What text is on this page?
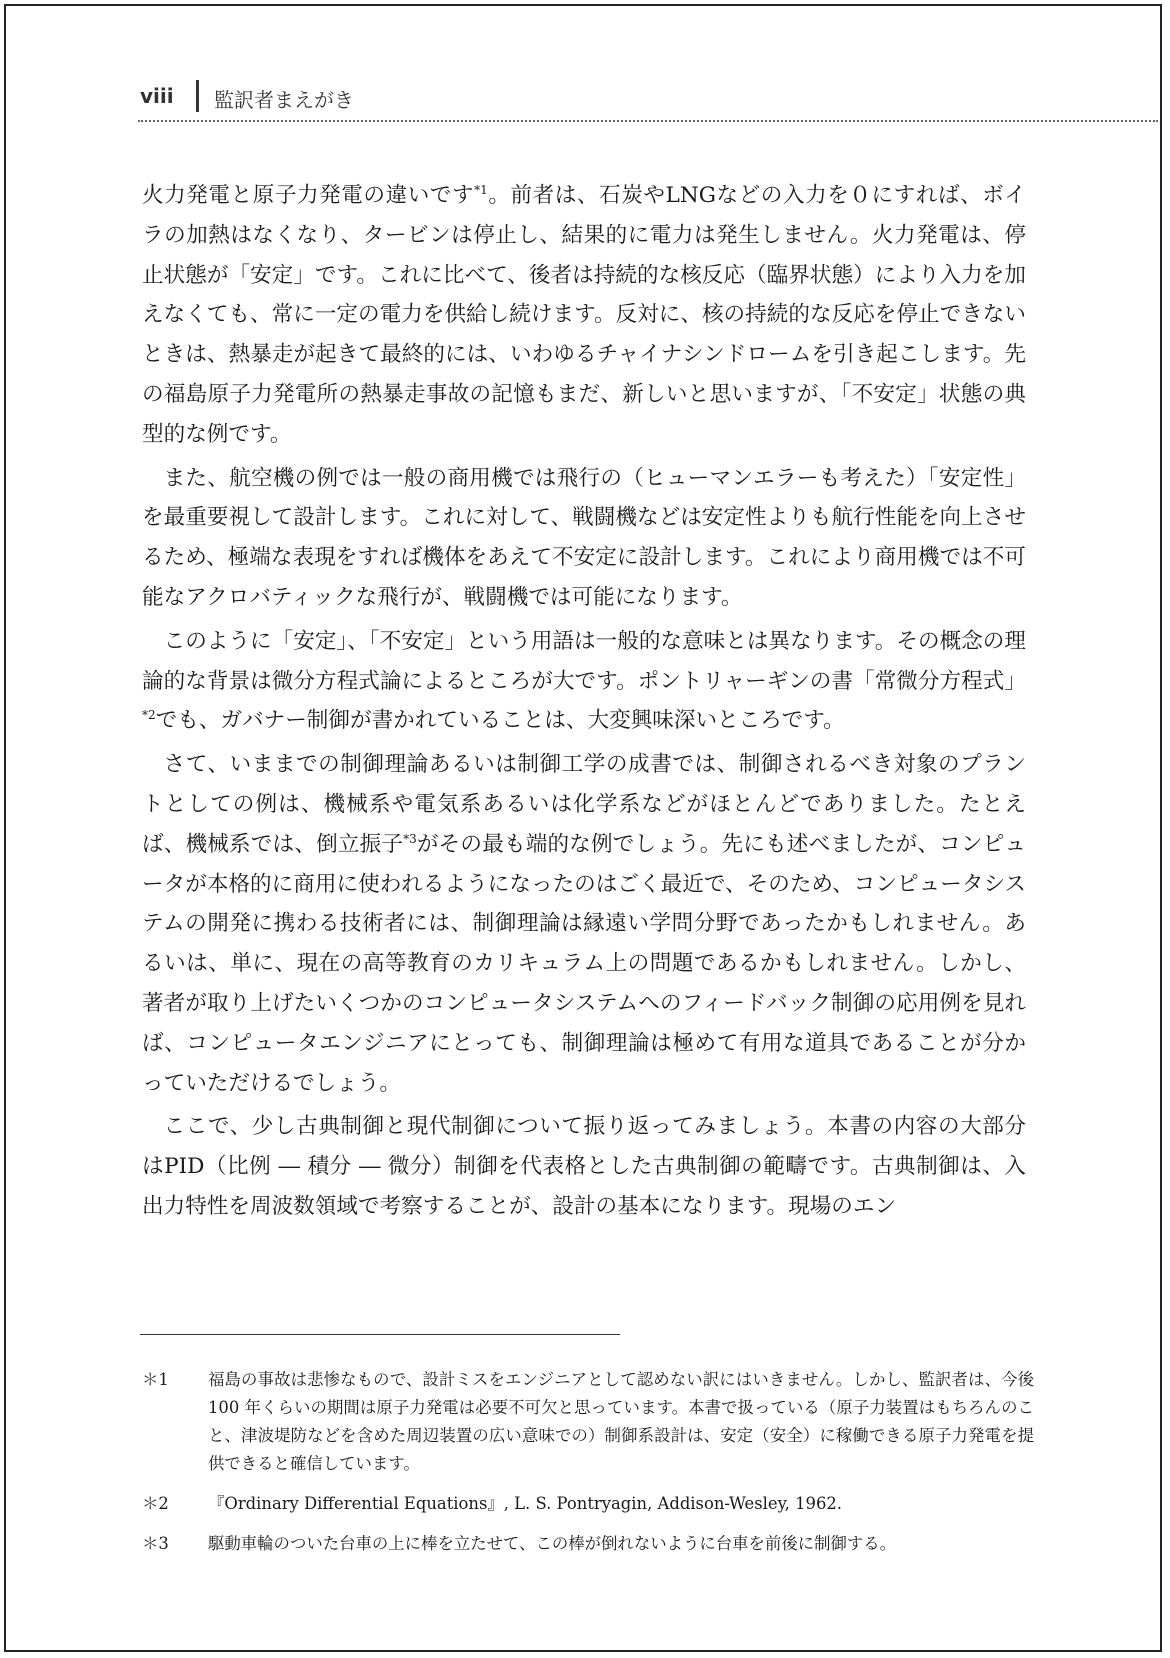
viii 監訳者まえがき

火力発電と原子力発電の違いです$^{*1}$。前者は、石炭やLNGなどの入力を０にすれば、ボイラの加熱はなくなり、タービンは停止し、結果的に電力は発生しません。火力発電は、停止状態が「安定」です。これに比べて、後者は持続的な核反応（臨界状態）により入力を加えなくても、常に一定の電力を供給し続けます。反対に、核の持続的な反応を停止できないときは、熱暴走が起きて最終的には、いわゆるチャイナシンドロームを引き起こします。先の福島原子力発電所の熱暴走事故の記憶もまだ、新しいと思いますが、「不安定」状態の典型的な例です。

また、航空機の例では一般の商用機では飛行の（ヒューマンエラーも考えた）「安定性」を最重要視して設計します。これに対して、戦闘機などは安定性よりも航行性能を向上させるため、極端な表現をすれば機体をあえて不安定に設計します。これにより商用機では不可能なアクロバティックな飛行が、戦闘機では可能になります。

このように「安定」、「不安定」という用語は一般的な意味とは異なります。その概念の理論的な背景は微分方程式論によるところが大です。ポントリャーギンの書「常微分方程式」$^{*2}$でも、ガバナー制御が書かれていることは、大変興味深いところです。

さて、いままでの制御理論あるいは制御工学の成書では、制御されるべき対象のプラントとしての例は、機械系や電気系あるいは化学系などがほとんどでありました。たとえば、機械系では、倒立振子$^{*3}$がその最も端的な例でしょう。先にも述べましたが、コンピュータが本格的に商用に使われるようになったのはごく最近で、そのため、コンピュータシステムの開発に携わる技術者には、制御理論は縁遠い学問分野であったかもしれません。あるいは、単に、現在の高等教育のカリキュラム上の問題であるかもしれません。しかし、著者が取り上げたいくつかのコンピュータシステムへのフィードバック制御の応用例を見れば、コンピュータエンジニアにとっても、制御理論は極めて有用な道具であることが分かっていただけるでしょう。

ここで、少し古典制御と現代制御について振り返ってみましょう。本書の内容の大部分はPID（比例 ― 積分 ― 微分）制御を代表格とした古典制御の範疇です。古典制御は、入出力特性を周波数領域で考察することが、設計の基本になります。現場のエン

＊1	福島の事故は悲惨なもので、設計ミスをエンジニアとして認めない訳にはいきません。しかし、監訳者は、今後 100 年くらいの期間は原子力発電は必要不可欠と思っています。本書で扱っている（原子力装置はもちろんのこと、津波堤防などを含めた周辺装置の広い意味での）制御系設計は、安定（安全）に稼働できる原子力発電を提供できると確信しています。
＊2	『Ordinary Differential Equations』, L. S. Pontryagin, Addison-Wesley, 1962.
＊3	駆動車輪のついた台車の上に棒を立たせて、この棒が倒れないように台車を前後に制御する。
